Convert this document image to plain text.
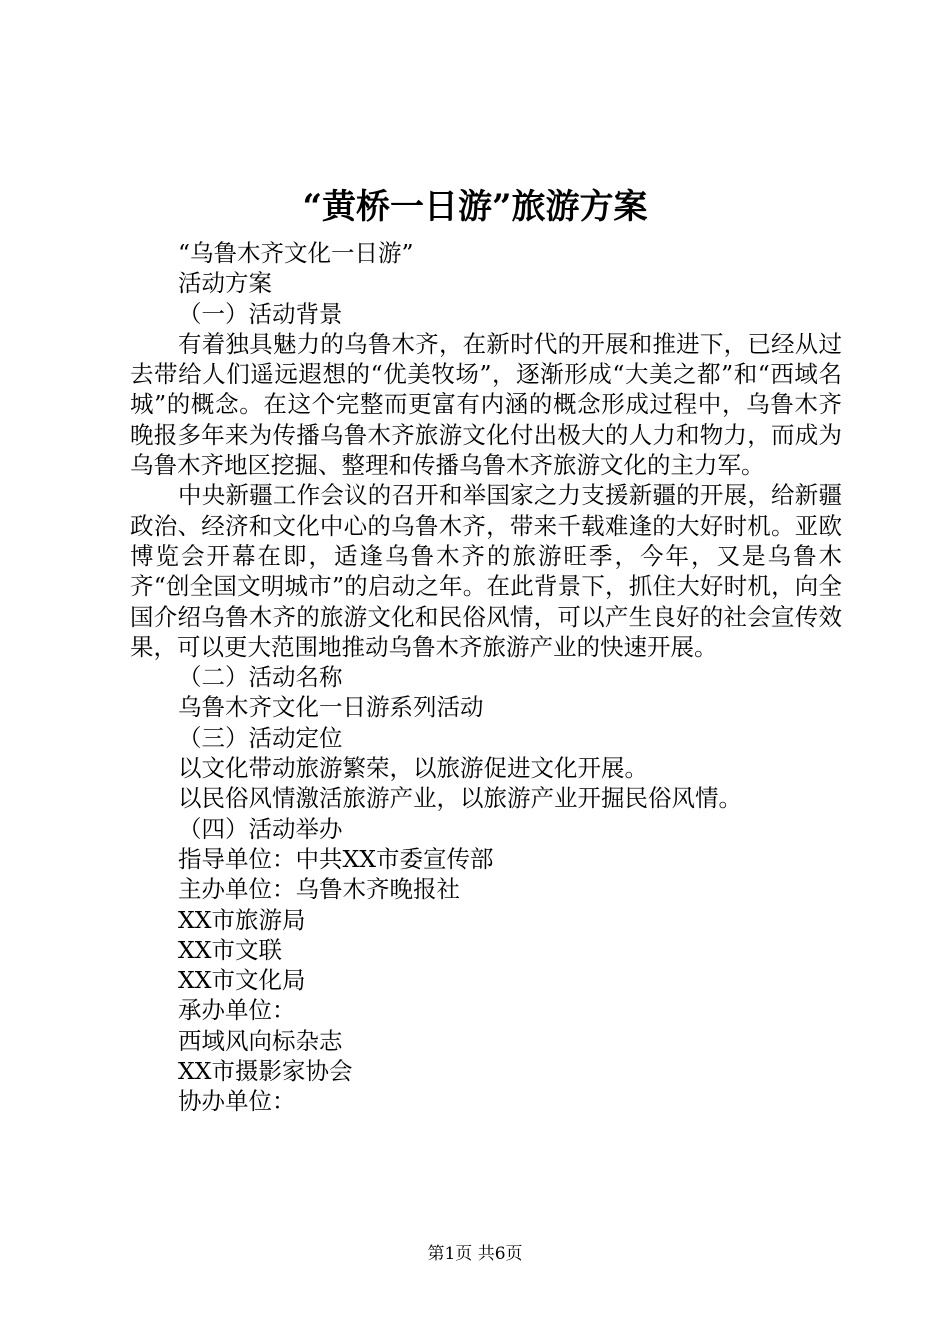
“黄桥一日游”旅游方案

“乌鲁木齐文化一日游”

活动方案

（一）活动背景

有着独具魅力的乌鲁木齐，在新时代的开展和推进下，已经从过去带给人们遥远遐想的“优美牧场”，逐渐形成“大美之都”和“西域名城”的概念。在这个完整而更富有内涵的概念形成过程中，乌鲁木齐晚报多年来为传播乌鲁木齐旅游文化付出极大的人力和物力，而成为乌鲁木齐地区挖掘、整理和传播乌鲁木齐旅游文化的主力军。

中央新疆工作会议的召开和举国家之力支援新疆的开展，给新疆政治、经济和文化中心的乌鲁木齐，带来千载难逢的大好时机。亚欧博览会开幕在即，适逢乌鲁木齐的旅游旺季，今年，又是乌鲁木齐“创全国文明城市”的启动之年。在此背景下，抓住大好时机，向全国介绍乌鲁木齐的旅游文化和民俗风情，可以产生良好的社会宣传效果，可以更大范围地推动乌鲁木齐旅游产业的快速开展。

（二）活动名称

乌鲁木齐文化一日游系列活动

（三）活动定位

以文化带动旅游繁荣，以旅游促进文化开展。

以民俗风情激活旅游产业，以旅游产业开掘民俗风情。

（四）活动举办

指导单位：中共XX市委宣传部

主办单位：乌鲁木齐晚报社

XX市旅游局

XX市文联

XX市文化局

承办单位：

西域风向标杂志

XX市摄影家协会

协办单位：

第1页 共6页
